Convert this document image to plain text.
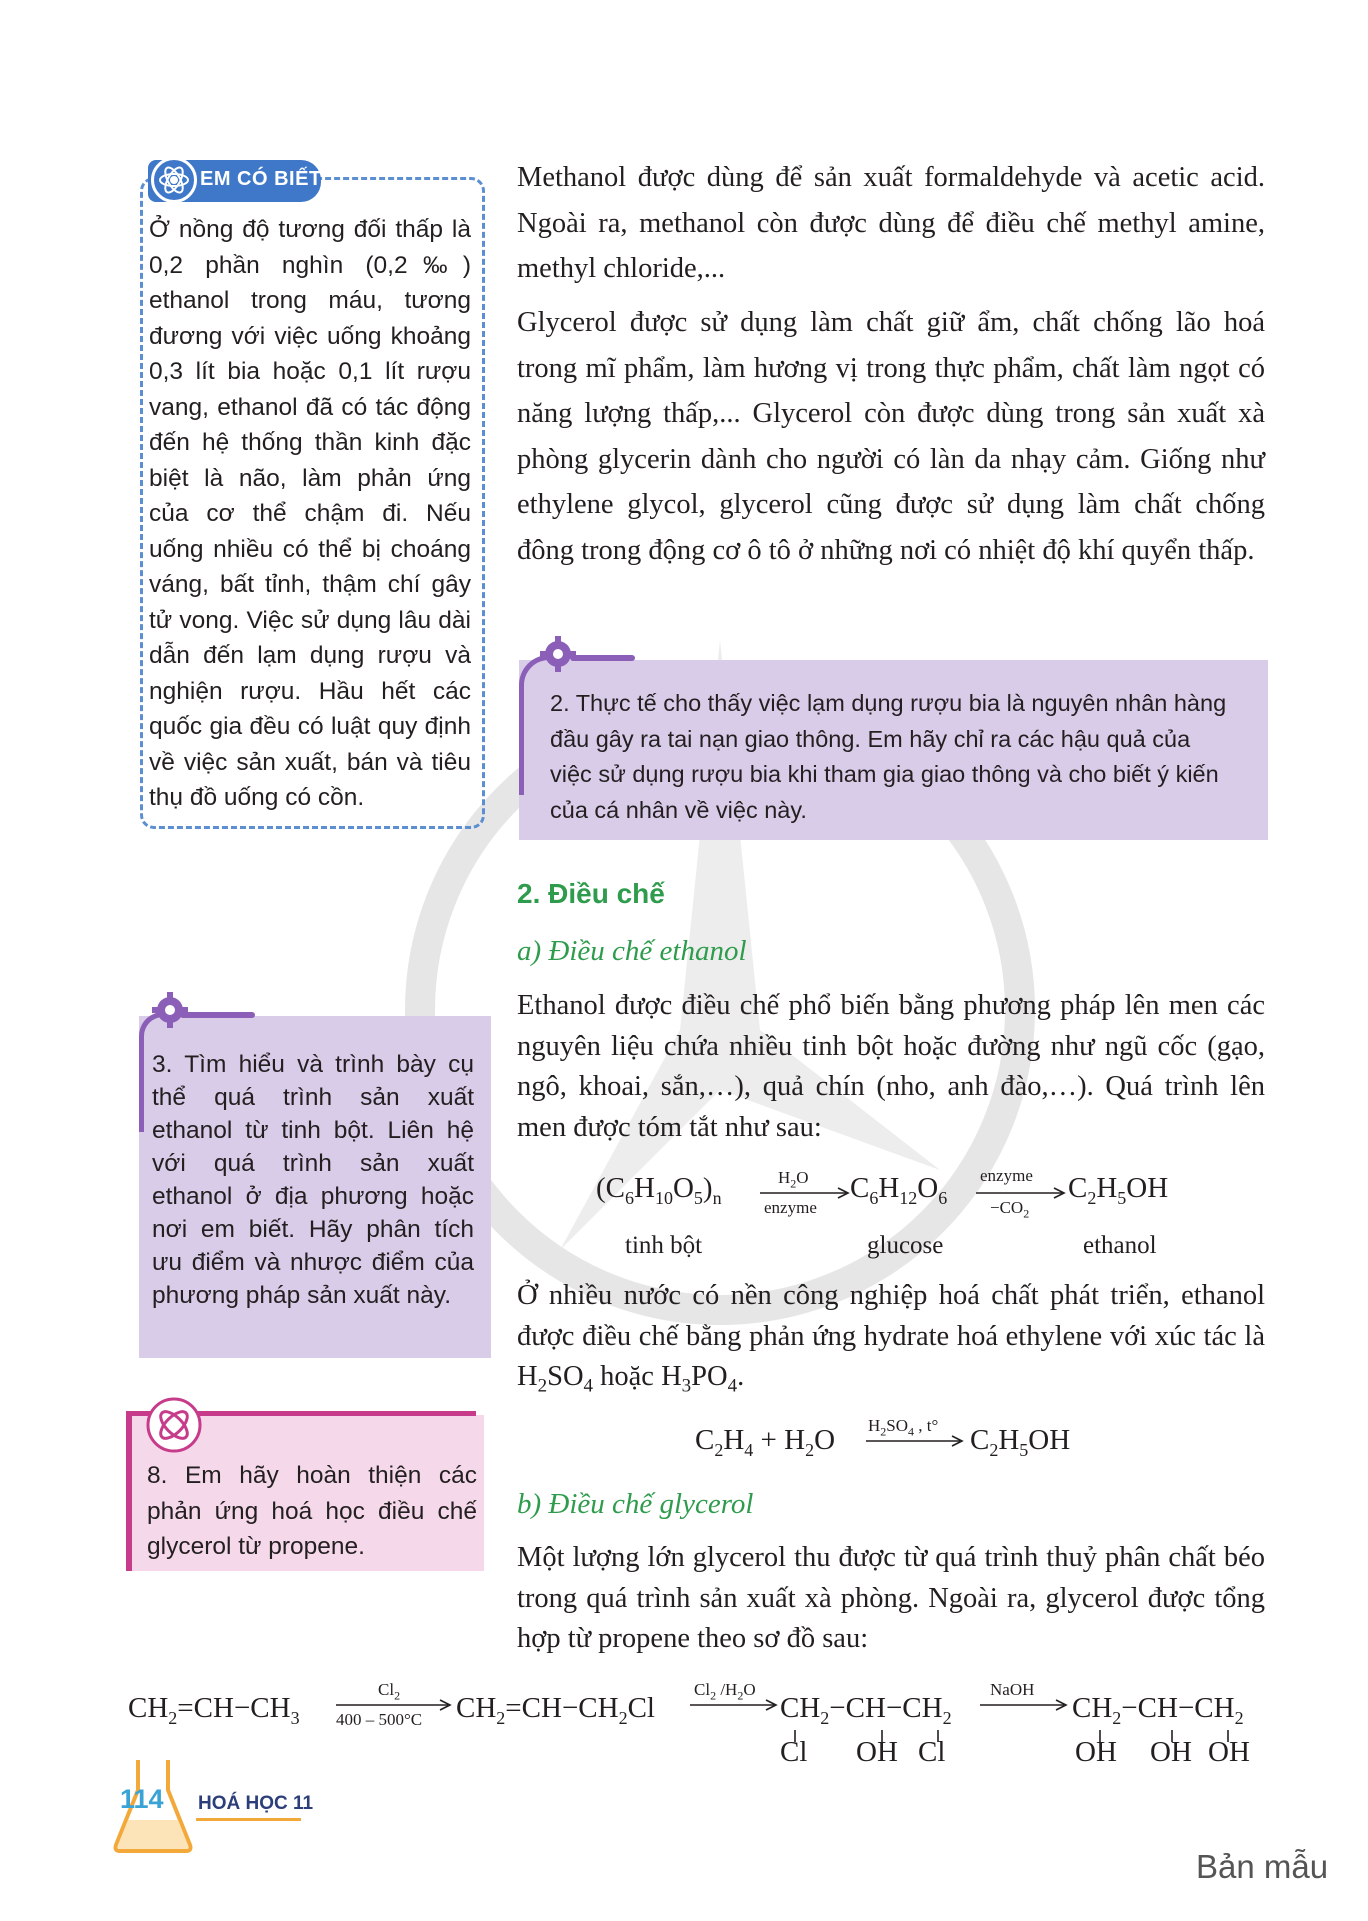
EM CÓ BIẾT
Ở nồng độ tương đối thấp là 0,2 phần nghìn (0,2‰) ethanol trong máu, tương đương với việc uống khoảng 0,3 lít bia hoặc 0,1 lít rượu vang, ethanol đã có tác động đến hệ thống thần kinh đặc biệt là não, làm phản ứng của cơ thể chậm đi. Nếu uống nhiều có thể bị choáng váng, bất tỉnh, thậm chí gây tử vong. Việc sử dụng lâu dài dẫn đến lạm dụng rượu và nghiện rượu. Hầu hết các quốc gia đều có luật quy định về việc sản xuất, bán và tiêu thụ đồ uống có cồn.
Methanol được dùng để sản xuất formaldehyde và acetic acid. Ngoài ra, methanol còn được dùng để điều chế methyl amine, methyl chloride,...
Glycerol được sử dụng làm chất giữ ẩm, chất chống lão hoá trong mĩ phẩm, làm hương vị trong thực phẩm, chất làm ngọt có năng lượng thấp,... Glycerol còn được dùng trong sản xuất xà phòng glycerin dành cho người có làn da nhạy cảm. Giống như ethylene glycol, glycerol cũng được sử dụng làm chất chống đông trong động cơ ô tô ở những nơi có nhiệt độ khí quyển thấp.
2. Thực tế cho thấy việc lạm dụng rượu bia là nguyên nhân hàng đầu gây ra tai nạn giao thông. Em hãy chỉ ra các hậu quả của việc sử dụng rượu bia khi tham gia giao thông và cho biết ý kiến của cá nhân về việc này.
2. Điều chế
a) Điều chế ethanol
Ethanol được điều chế phổ biến bằng phương pháp lên men các nguyên liệu chứa nhiều tinh bột hoặc đường như ngũ cốc (gạo, ngô, khoai, sắn,…), quả chín (nho, anh đào,…). Quá trình lên men được tóm tắt như sau:
$(C_6H_{10}O_5)_n$
$H_2O$
enzyme
$C_6H_{12}O_6$
enzyme
$-CO_2$
$C_2H_5OH$
tinh bột	glucose	ethanol
Ở nhiều nước có nền công nghiệp hoá chất phát triển, ethanol được điều chế bằng phản ứng hydrate hoá ethylene với xúc tác là $H_2SO_4$ hoặc $H_3PO_4$.
$C_2H_4 + H_2O$ $H_2SO_4$ , t° $C_2H_5OH$
b) Điều chế glycerol
Một lượng lớn glycerol thu được từ quá trình thuỷ phân chất béo trong quá trình sản xuất xà phòng. Ngoài ra, glycerol được tổng hợp từ propene theo sơ đồ sau:
$CH_2=CH-CH_3$
$Cl_2$
400 – 500°C $CH_2=CH-CH_2Cl$
$Cl_2$ $/H_2O$
$CH_2-CH-CH_2$
Cl OH Cl
NaOH
$CH_2-CH-CH_2$
OH OH OH
3. Tìm hiểu và trình bày cụ thể quá trình sản xuất ethanol từ tinh bột. Liên hệ với quá trình sản xuất ethanol ở địa phương hoặc nơi em biết. Hãy phân tích ưu điểm và nhược điểm của phương pháp sản xuất này.
8. Em hãy hoàn thiện các phản ứng hoá học điều chế glycerol từ propene.
114 HOÁ HỌC 11
Bản mẫu
